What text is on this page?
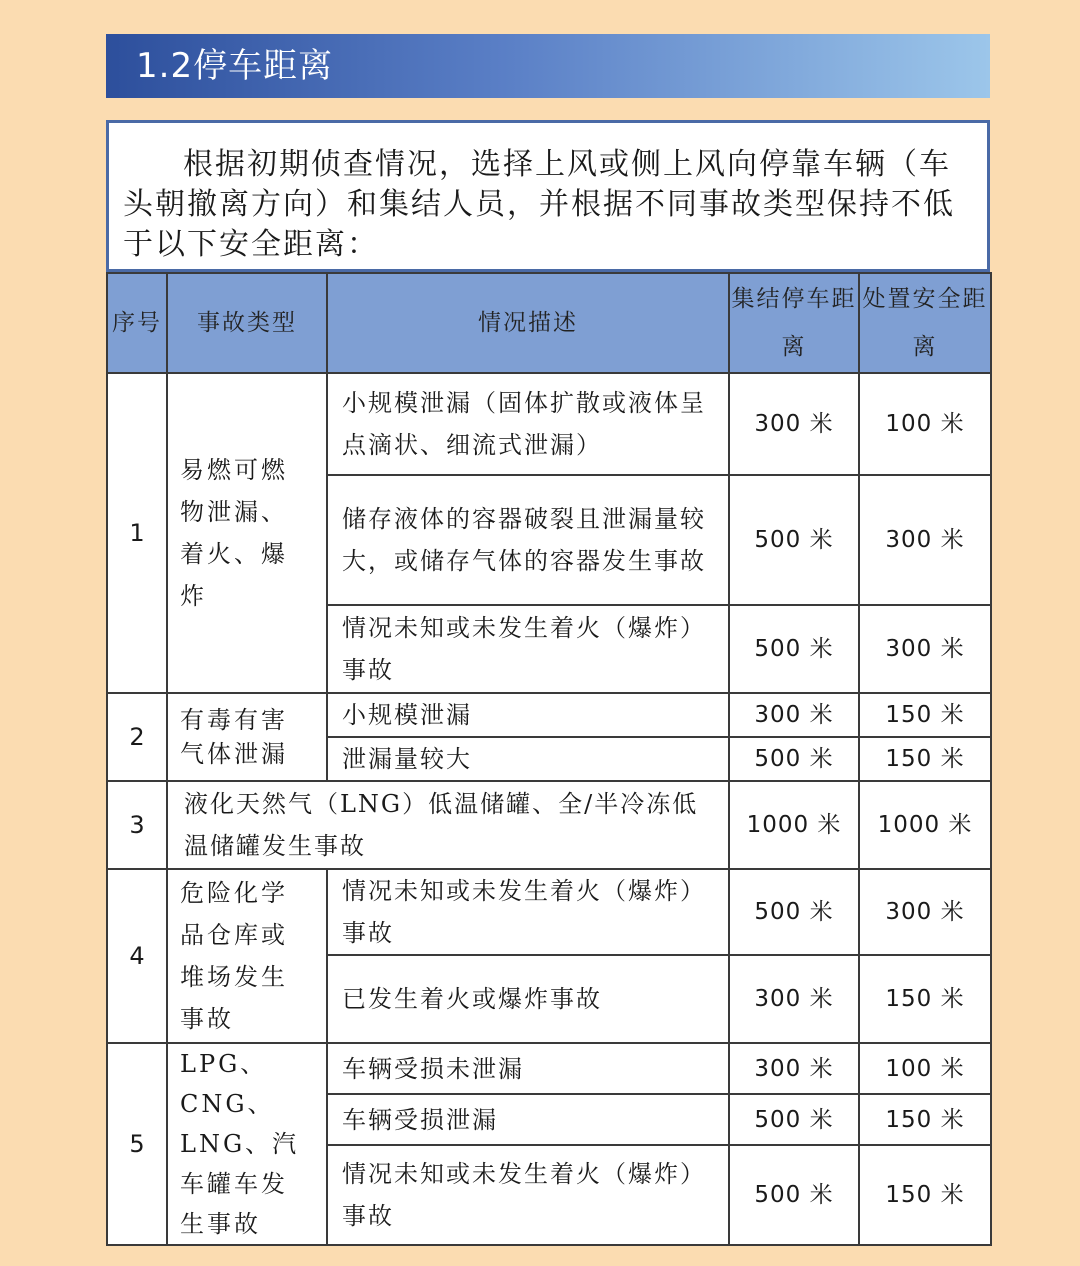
1.2停车距离

根据初期侦查情况，选择上风或侧上风向停靠车辆（车头朝撤离方向）和集结人员，并根据不同事故类型保持不低于以下安全距离：

序号	事故类型	情况描述	集结停车距离	处置安全距离
1	易燃可燃物泄漏、着火、爆炸	小规模泄漏（固体扩散或液体呈点滴状、细流式泄漏）	300 米	100 米
		储存液体的容器破裂且泄漏量较大，或储存气体的容器发生事故	500 米	300 米
		情况未知或未发生着火（爆炸）事故	500 米	300 米
2	有毒有害气体泄漏	小规模泄漏	300 米	150 米
		泄漏量较大	500 米	150 米
3	液化天然气（LNG）低温储罐、全/半冷冻低温储罐发生事故		1000 米	1000 米
4	危险化学品仓库或堆场发生事故	情况未知或未发生着火（爆炸）事故	500 米	300 米
		已发生着火或爆炸事故	300 米	150 米
5	LPG、CNG、LNG、汽车罐车发生事故	车辆受损未泄漏	300 米	100 米
		车辆受损泄漏	500 米	150 米
		情况未知或未发生着火（爆炸）事故	500 米	150 米
